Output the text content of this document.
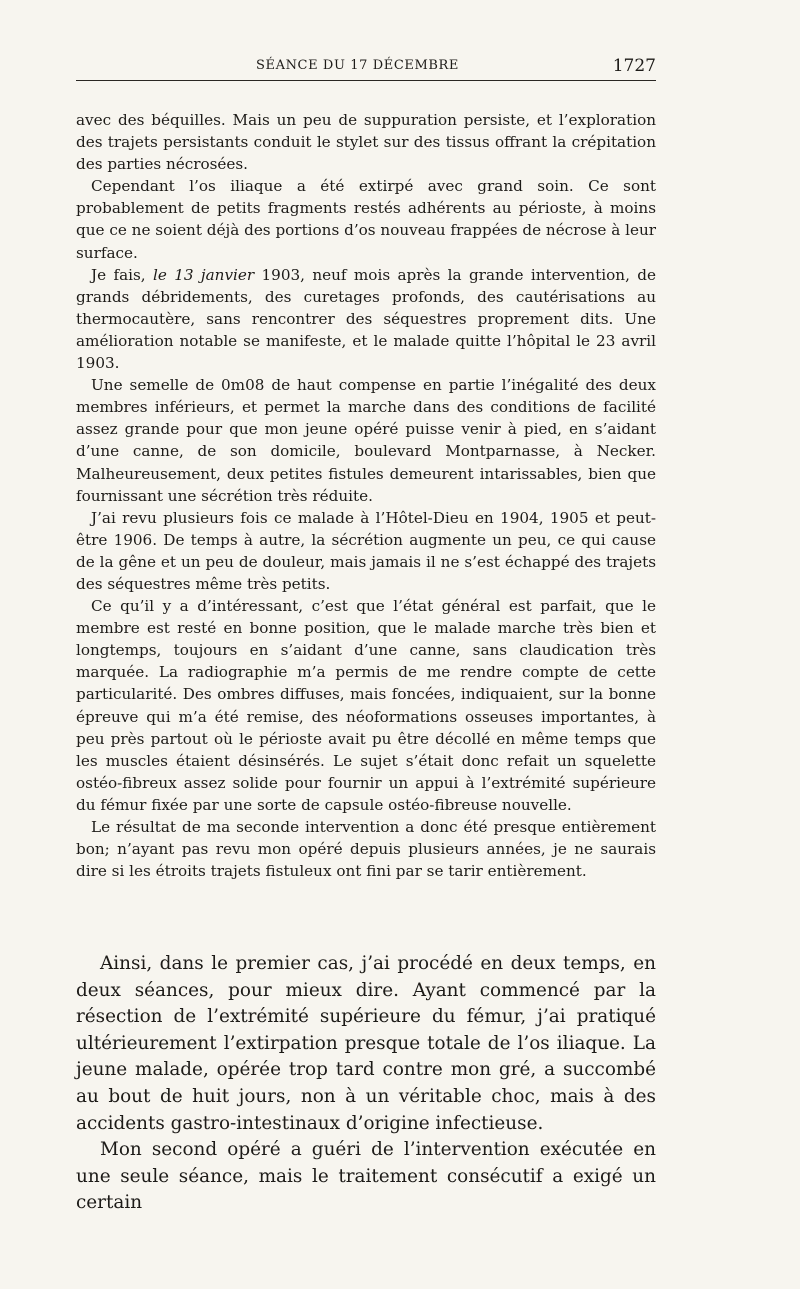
SÉANCE DU 17 DÉCEMBRE	1727

avec des béquilles. Mais un peu de suppuration persiste, et l’exploration des trajets persistants conduit le stylet sur des tissus offrant la crépitation des parties nécrosées.

Cependant l’os iliaque a été extirpé avec grand soin. Ce sont probablement de petits fragments restés adhérents au périoste, à moins que ce ne soient déjà des portions d’os nouveau frappées de nécrose à leur surface.

Je fais, le 13 janvier 1903, neuf mois après la grande intervention, de grands débridements, des curetages profonds, des cautérisations au thermocautère, sans rencontrer des séquestres proprement dits. Une amélioration notable se manifeste, et le malade quitte l’hôpital le 23 avril 1903.

Une semelle de 0m08 de haut compense en partie l’inégalité des deux membres inférieurs, et permet la marche dans des conditions de facilité assez grande pour que mon jeune opéré puisse venir à pied, en s’aidant d’une canne, de son domicile, boulevard Montparnasse, à Necker. Malheureusement, deux petites fistules demeurent intarissables, bien que fournissant une sécrétion très réduite.

J’ai revu plusieurs fois ce malade à l’Hôtel-Dieu en 1904, 1905 et peut-être 1906. De temps à autre, la sécrétion augmente un peu, ce qui cause de la gêne et un peu de douleur, mais jamais il ne s’est échappé des trajets des séquestres même très petits.

Ce qu’il y a d’intéressant, c’est que l’état général est parfait, que le membre est resté en bonne position, que le malade marche très bien et longtemps, toujours en s’aidant d’une canne, sans claudication très marquée. La radiographie m’a permis de me rendre compte de cette particularité. Des ombres diffuses, mais foncées, indiquaient, sur la bonne épreuve qui m’a été remise, des néoformations osseuses importantes, à peu près partout où le périoste avait pu être décollé en même temps que les muscles étaient désinsérés. Le sujet s’était donc refait un squelette ostéo-fibreux assez solide pour fournir un appui à l’extrémité supérieure du fémur fixée par une sorte de capsule ostéo-fibreuse nouvelle.

Le résultat de ma seconde intervention a donc été presque entièrement bon; n’ayant pas revu mon opéré depuis plusieurs années, je ne saurais dire si les étroits trajets fistuleux ont fini par se tarir entièrement.

Ainsi, dans le premier cas, j’ai procédé en deux temps, en deux séances, pour mieux dire. Ayant commencé par la résection de l’extrémité supérieure du fémur, j’ai pratiqué ultérieurement l’extirpation presque totale de l’os iliaque. La jeune malade, opérée trop tard contre mon gré, a succombé au bout de huit jours, non à un véritable choc, mais à des accidents gastro-intestinaux d’origine infectieuse.

Mon second opéré a guéri de l’intervention exécutée en une seule séance, mais le traitement consécutif a exigé un certain
